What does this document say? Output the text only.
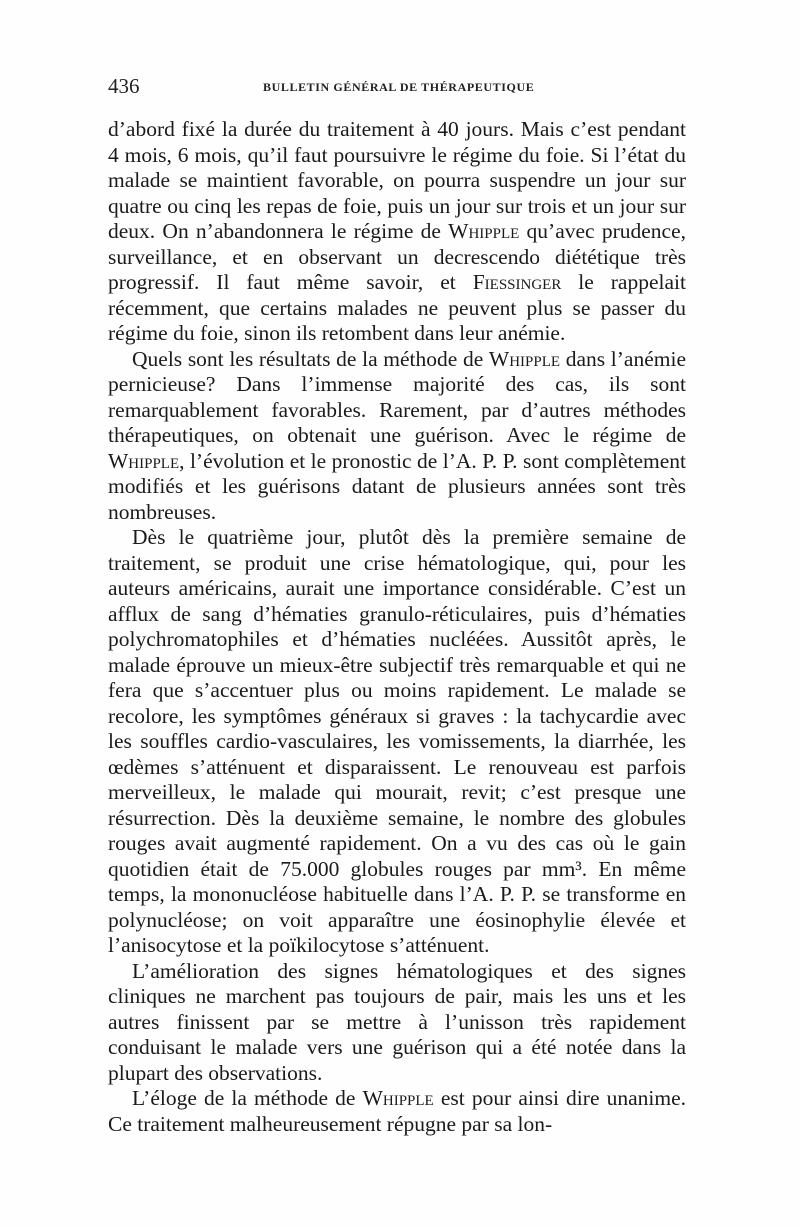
436	BULLETIN GÉNÉRAL DE THÉRAPEUTIQUE

d’abord fixé la durée du traitement à 40 jours. Mais c’est pendant 4 mois, 6 mois, qu’il faut poursuivre le régime du foie. Si l’état du malade se maintient favorable, on pourra suspendre un jour sur quatre ou cinq les repas de foie, puis un jour sur trois et un jour sur deux. On n’abandonnera le régime de Whipple qu’avec prudence, surveillance, et en observant un decrescendo diététique très progressif. Il faut même savoir, et Fiessinger le rappelait récemment, que certains malades ne peuvent plus se passer du régime du foie, sinon ils retombent dans leur anémie.

Quels sont les résultats de la méthode de Whipple dans l’anémie pernicieuse? Dans l’immense majorité des cas, ils sont remarquablement favorables. Rarement, par d’autres méthodes thérapeutiques, on obtenait une guérison. Avec le régime de Whipple, l’évolution et le pronostic de l’A. P. P. sont complètement modifiés et les guérisons datant de plusieurs années sont très nombreuses.

Dès le quatrième jour, plutôt dès la première semaine de traitement, se produit une crise hématologique, qui, pour les auteurs américains, aurait une importance considérable. C’est un afflux de sang d’hématies granulo-réticulaires, puis d’hématies polychromatophiles et d’hématies nucléées. Aussitôt après, le malade éprouve un mieux-être subjectif très remarquable et qui ne fera que s’accentuer plus ou moins rapidement. Le malade se recolore, les symptômes généraux si graves : la tachycardie avec les souffles cardio-vasculaires, les vomissements, la diarrhée, les œdèmes s’atténuent et disparaissent. Le renouveau est parfois merveilleux, le malade qui mourait, revit; c’est presque une résurrection. Dès la deuxième semaine, le nombre des globules rouges avait augmenté rapidement. On a vu des cas où le gain quotidien était de 75.000 globules rouges par mm³. En même temps, la mononucléose habituelle dans l’A. P. P. se transforme en polynucléose; on voit apparaître une éosinophylie élevée et l’anisocytose et la poïkilocytose s’atténuent.

L’amélioration des signes hématologiques et des signes cliniques ne marchent pas toujours de pair, mais les uns et les autres finissent par se mettre à l’unisson très rapidement conduisant le malade vers une guérison qui a été notée dans la plupart des observations.

L’éloge de la méthode de Whipple est pour ainsi dire unanime. Ce traitement malheureusement répugne par sa lon-
